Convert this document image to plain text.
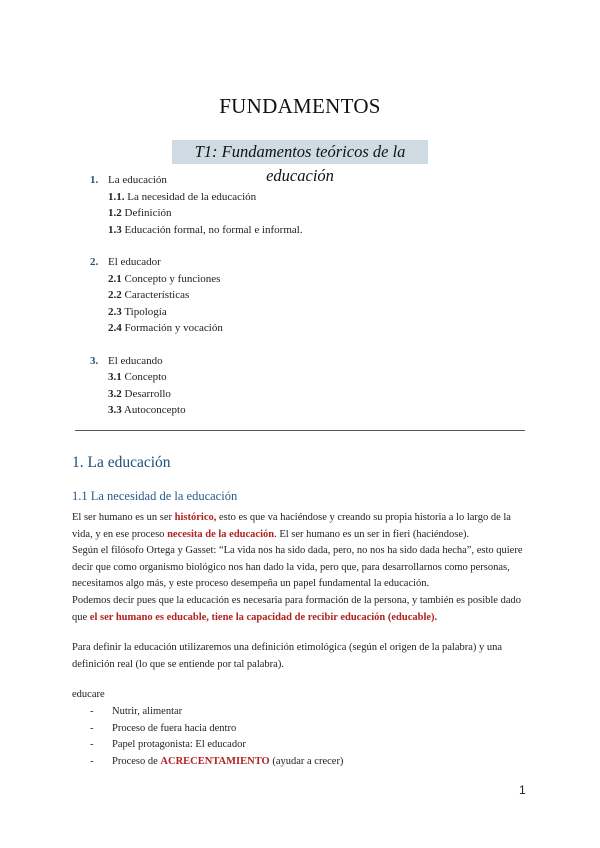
FUNDAMENTOS
T1: Fundamentos teóricos de la educación
1. La educación
1.1. La necesidad de la educación
1.2 Definición
1.3 Educación formal, no formal e informal.
2. El educador
2.1 Concepto y funciones
2.2 Características
2.3 Tipología
2.4 Formación y vocación
3. El educando
3.1 Concepto
3.2 Desarrollo
3.3 Autoconcepto
1. La educación
1.1 La necesidad de la educación

El ser humano es un ser histórico, esto es que va haciéndose y creando su propia historia a lo largo de la vida, y en ese proceso necesita de la educación. El ser humano es un ser in fieri (haciéndose).

Según el filósofo Ortega y Gasset: “La vida nos ha sido dada, pero, no nos ha sido dada hecha”, esto quiere decir que como organismo biológico nos han dado la vida, pero que, para desarrollarnos como personas, necesitamos algo más, y este proceso desempeña un papel fundamental la educación.

Podemos decir pues que la educación es necesaria para formación de la persona, y también es posible dado que el ser humano es educable, tiene la capacidad de recibir educación (educable).

Para definir la educación utilizaremos una definición etimológica (según el origen de la palabra) y una definición real (lo que se entiende por tal palabra).

educare

-	Nutrir, alimentar
-	Proceso de fuera hacia dentro
-	Papel protagonista: El educador
-	Proceso de ACRECENTAMIENTO (ayudar a crecer)
1
